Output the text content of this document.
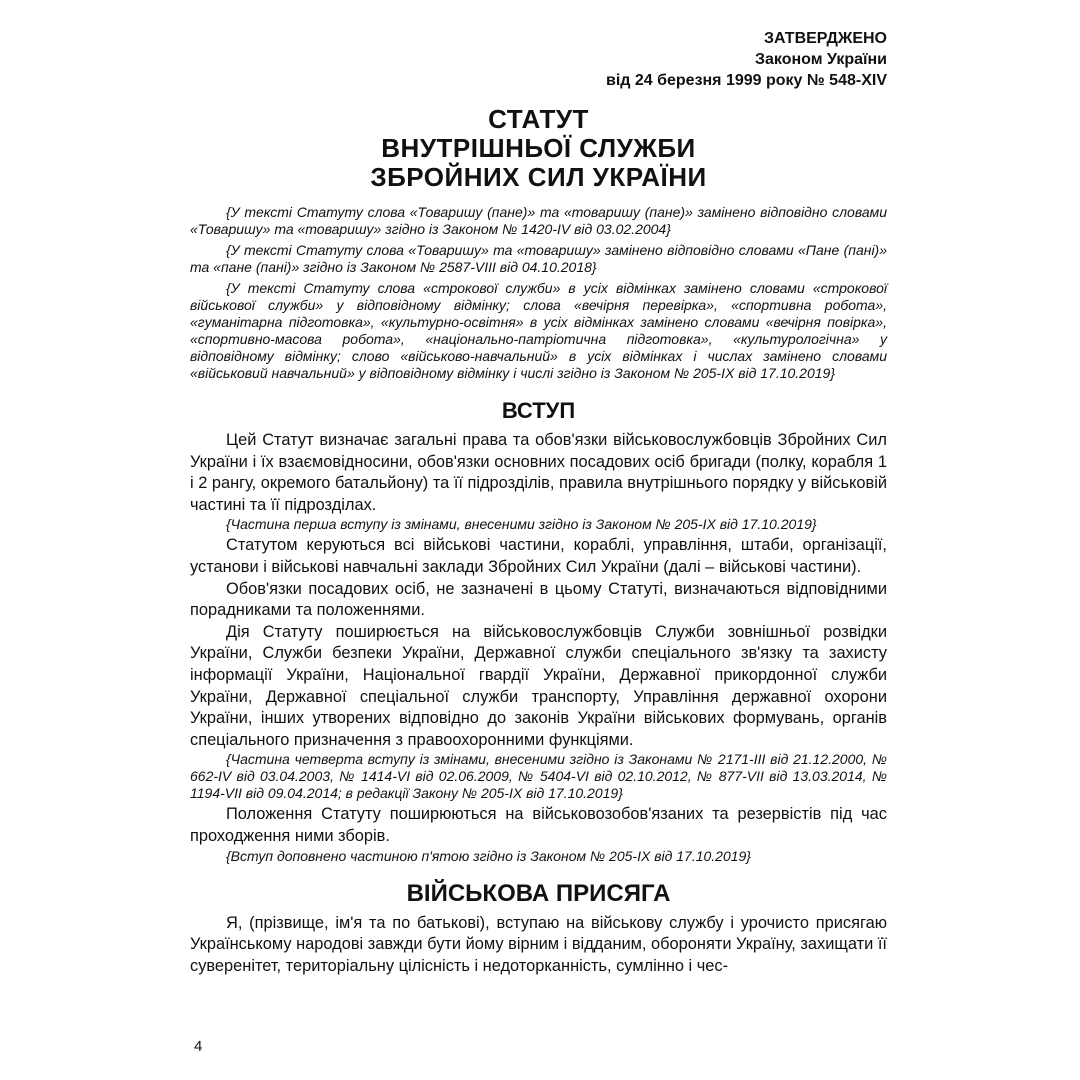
ЗАТВЕРДЖЕНО
Законом України
від 24 березня 1999 року № 548-XIV
СТАТУТ
ВНУТРІШНЬОЇ СЛУЖБИ
ЗБРОЙНИХ СИЛ УКРАЇНИ

{У тексті Статуту слова «Товаришу (пане)» та «товаришу (пане)» замінено відповідно словами «Товаришу» та «товаришу» згідно із Законом № 1420-IV від 03.02.2004}

{У тексті Статуту слова «Товаришу» та «товаришу» замінено відповідно словами «Пане (пані)» та «пане (пані)» згідно із Законом № 2587-VIII від 04.10.2018}

{У тексті Статуту слова «строкової служби» в усіх відмінках замінено словами «строкової військової служби» у відповідному відмінку; слова «вечірня перевірка», «спортивна робота», «гуманітарна підготовка», «культурно-освітня» в усіх відмінках замінено словами «вечірня повірка», «спортивно-масова робота», «національно-патріотична підготовка», «культурологічна» у відповідному відмінку; слово «військово-навчальний» в усіх відмінках і числах замінено словами «військовий навчальний» у відповідному відмінку і числі згідно із Законом № 205-IX від 17.10.2019}

ВСТУП

Цей Статут визначає загальні права та обов'язки військовослужбовців Збройних Сил України і їх взаємовідносини, обов'язки основних посадових осіб бригади (полку, корабля 1 і 2 рангу, окремого батальйону) та її підрозділів, правила внутрішнього порядку у військовій частині та її підрозділах.

{Частина перша вступу із змінами, внесеними згідно із Законом № 205-IX від 17.10.2019}

Статутом керуються всі військові частини, кораблі, управління, штаби, організації, установи і військові навчальні заклади Збройних Сил України (далі – військові частини).

Обов'язки посадових осіб, не зазначені в цьому Статуті, визначаються відповідними порадниками та положеннями.

Дія Статуту поширюється на військовослужбовців Служби зовнішньої розвідки України, Служби безпеки України, Державної служби спеціального зв'язку та захисту інформації України, Національної гвардії України, Державної прикордонної служби України, Державної спеціальної служби транспорту, Управління державної охорони України, інших утворених відповідно до законів України військових формувань, органів спеціального призначення з правоохоронними функціями.

{Частина четверта вступу із змінами, внесеними згідно із Законами № 2171-III від 21.12.2000, № 662-IV від 03.04.2003, № 1414-VI від 02.06.2009, № 5404-VI від 02.10.2012, № 877-VII від 13.03.2014, № 1194-VII від 09.04.2014; в редакції Закону № 205-IX від 17.10.2019}

Положення Статуту поширюються на військовозобов'язаних та резервістів під час проходження ними зборів.

{Вступ доповнено частиною п'ятою згідно із Законом № 205-IX від 17.10.2019}

ВІЙСЬКОВА ПРИСЯГА

Я, (прізвище, ім'я та по батькові), вступаю на військову службу і урочисто присягаю Українському народові завжди бути йому вірним і відданим, обороняти Україну, захищати її суверенітет, територіальну цілісність і недоторканність, сумлінно і чес-

4
